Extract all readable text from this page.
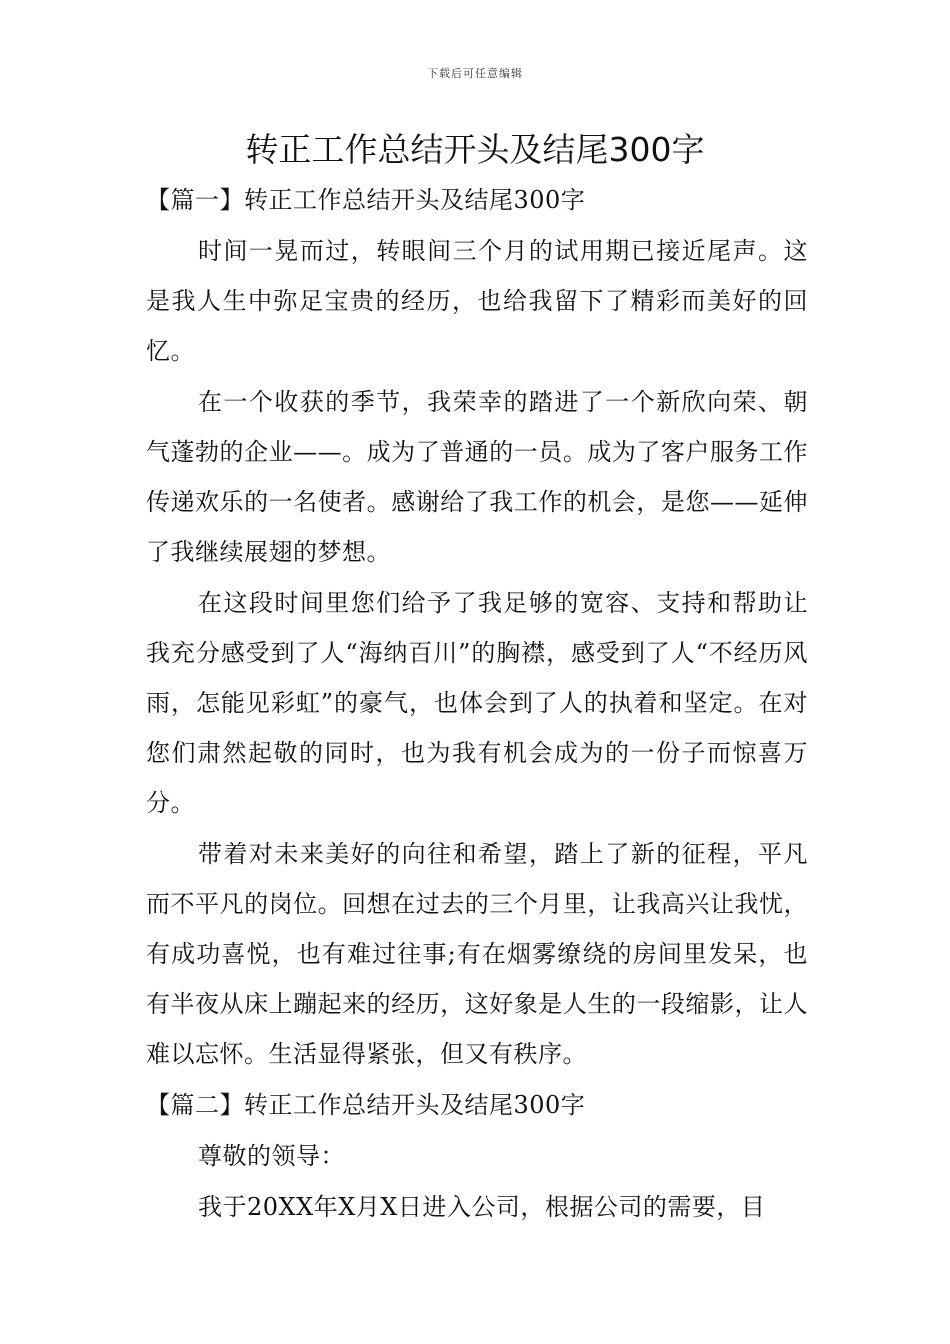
下载后可任意编辑
转正工作总结开头及结尾300字

【篇一】转正工作总结开头及结尾300字

时间一晃而过，转眼间三个月的试用期已接近尾声。这是我人生中弥足宝贵的经历，也给我留下了精彩而美好的回忆。

在一个收获的季节，我荣幸的踏进了一个新欣向荣、朝气蓬勃的企业——。成为了普通的一员。成为了客户服务工作传递欢乐的一名使者。感谢给了我工作的机会，是您——延伸了我继续展翅的梦想。

在这段时间里您们给予了我足够的宽容、支持和帮助让我充分感受到了人“海纳百川”的胸襟，感受到了人“不经历风雨，怎能见彩虹”的豪气，也体会到了人的执着和坚定。在对您们肃然起敬的同时，也为我有机会成为的一份子而惊喜万分。

带着对未来美好的向往和希望，踏上了新的征程，平凡而不平凡的岗位。回想在过去的三个月里，让我高兴让我忧，有成功喜悦，也有难过往事;有在烟雾缭绕的房间里发呆，也有半夜从床上蹦起来的经历，这好象是人生的一段缩影，让人难以忘怀。生活显得紧张，但又有秩序。

【篇二】转正工作总结开头及结尾300字

尊敬的领导：

我于20XX年X月X日进入公司，根据公司的需要，目
